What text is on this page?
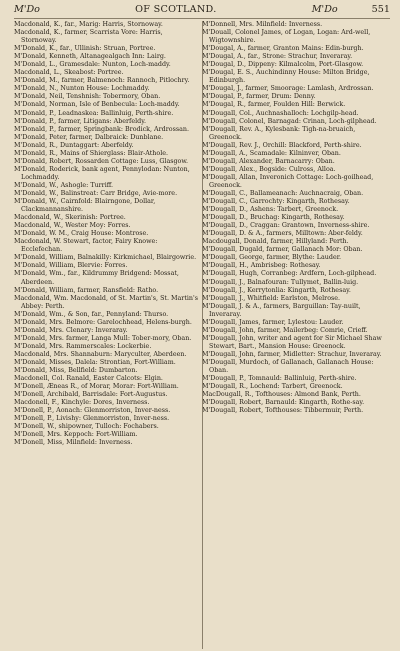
M'Do	OF SCOTLAND.	M'Do	551

Macdonald, K., far., Marig: Harris, Stornoway.

Macdonald, K., farmer, Scarrista Vore: Harris, Stornoway.

M'Donald, K., far., Ullinish: Struan, Portree.

M'Donald, Kenneth, Altanagealgach Inn: Lairg.

M'Donald, L., Gramesdale: Nunton, Loch-maddy.

Macdonald, L., Skeabost: Portree.

M'Donald, M., farmer, Balmenoch: Rannoch, Pitlochry.

M'Donald, N., Nunton House: Lochmaddy.

M'Donald, Neil, Tenshnish: Tobermory, Oban.

M'Donald, Norman, Isle of Benbecula: Loch-maddy.

M'Donald, P., Leadnaskea: Ballinluig, Perth-shire.

M'Donald, P., farmer, Litigans: Aberfeldy.

M'Donald, P., farmer, Springbank: Brodick, Ardrossan.

M'Donald, Peter, farmer, Dalbraick: Dunblane.

M'Donald, R., Duntaggart: Aberfeldy.

M'Donald, R., Mains of Shierglass: Blair-Athole.

M'Donald, Robert, Rossarden Cottage: Luss, Glasgow.

M'Donald, Roderick, bank agent, Pennylodan: Nunton, Lochmaddy.

M'Donald, W., Ashogle: Turriff.

M'Donald, W., Balinstreat: Carr Bridge, Avie-more.

M'Donald, W., Cairnfold: Blairngone, Dollar, Clackmannanshire.

Macdonald, W., Skerinish: Portree.

Macdonald, W., Wester Moy: Forres.

M'Donald, W. M., Craig House: Montrose.

Macdonald, W. Stewart, factor, Fairy Knowe: Ecclefechan.

M'Donald, William, Balnakilly: Kirkmichael, Blairgowrie.

M'Donald, William, Blervie: Forres.

M'Donald, Wm., far., Kildrummy Bridgend: Mossat, Aberdeen.

M'Donald, William, farmer, Ransfield: Ratho.

Macdonald, Wm. Macdonald, of St. Martin's, St. Martin's Abbey: Perth.

M'Donald, Wm., & Son, far., Pennyland: Thurso.

M'Donald, Mrs. Belmore: Garelochhead, Helens-burgh.

M'Donald, Mrs. Clenary: Inveraray.

M'Donald, Mrs. farmer, Langa Mull: Tober-mory, Oban.

M'Donald, Mrs. Rammerscales: Lockerbie.

Macdonald, Mrs. Shannaburn: Maryculter, Aberdeen.

M'Donald, Misses, Dalela: Strontian, Fort-William.

M'Donald, Miss, Bellfield: Dumbarton.

Macdonell, Col. Ranald, Easter Calcots: Elgin.

M'Donell, Æneas R., of Morar, Morar: Fort-William.

M'Donell, Archibald, Barrisdale: Fort-Augustus.

Macdonell, F., Kinchyle: Dores, Inverness.

M'Donell, P., Aonach: Glenmorriston, Inver-ness.

M'Donell, P., Livishy: Glenmorriston, Inver-ness.

M'Donell, W., shipowner, Tulloch: Fochabers.

M'Donell, Mrs. Keppoch: Fort-William.

M'Donell, Miss, Milnfield: Inverness.

M'Donnell, Mrs. Milnfield: Inverness.

M'Douall, Colonel James, of Logan, Logan: Ard-well, Wigtownshire.

M'Dougal, A., farmer, Granton Mains: Edin-burgh.

M'Dougal, A., far., Strone: Strachur, Inveraray.

M'Dougal, D., Dippeny: Kilmalcolm, Port-Glasgow.

M'Dougal, E. S., Auchindinny House: Milton Bridge, Edinburgh.

M'Dougal, J., farmer, Smoorage: Lamlash, Ardrossan.

M'Dougal, P., farmer, Drum: Denny.

M'Dougal, R., farmer, Foulden Hill: Berwick.

M'Dougall, Col., Auchnashalloch: Lochgilp-head.

M'Dougall, Colonel, Barnagad: Crinan, Loch-gilphead.

M'Dougall, Rev. A., Kylesbank: Tigh-na-bruaich, Greenock.

M'Dougall, Rev. J., Orchill: Blackford, Perth-shire.

M'Dougall, A., Scamadale: Kilninver, Oban.

M'Dougall, Alexander, Barnacarry: Oban.

M'Dougall, Alex., Bogside: Culross, Alloa.

M'Dougall, Allan, Inveronich Cottage: Loch-goilhead, Greenock.

M'Dougall, C., Ballameanach: Auchnacraig, Oban.

M'Dougall, C., Garrochty: Kingarth, Rothesay.

M'Dougall, D., Ashens: Tarbert, Greenock.

M'Dougall, D., Bruchag: Kingarth, Rothesay.

M'Dougall, D., Craggan: Grantown, Inverness-shire.

M'Dougall, D. & A., farmers, Milltown: Aber-feldy.

Macdougall, Donald, farmer, Hillyland: Perth.

M'Dougall, Dugald, farmer, Gallanach Mor: Oban.

M'Dougall, George, farmer, Blythe: Lauder.

M'Dougall, H., Ambrisbeg: Rothesay.

M'Dougall, Hugh, Corranbeg: Ardfern, Loch-gilphead.

M'Dougall, J., Balnafouran: Tullymet, Ballin-luig.

M'Dougall, J., Kerrytonlia: Kingarth, Rothesay.

M'Dougall, J., Whitfield: Earlston, Melrose.

M'Dougall, J. & A., farmers, Barguillan: Tay-nuilt, Inveraray.

M'Dougall, James, farmer, Lylestou: Lauder.

M'Dougall, John, farmer, Mailerbeg: Comrie, Crieff.

M'Dougall, John, writer and agent for Sir Michael Shaw Stewart, Bart., Mansion House: Greenock.

M'Dougall, John, farmer, Midletter: Strachur, Inveraray.

M'Dougall, Murdoch, of Gallanach, Gallanach House: Oban.

M'Dougall, P., Tomnauld: Ballinluig, Perth-shire.

M'Dougall, R., Lochend: Tarbert, Greenock.

MacDougall, R., Tofthouses: Almond Bank, Perth.

M'Dougall, Robert, Barnauld: Kingarth, Rothe-say.

M'Dougall, Robert, Tofthouses: Tibbermuir, Perth.
